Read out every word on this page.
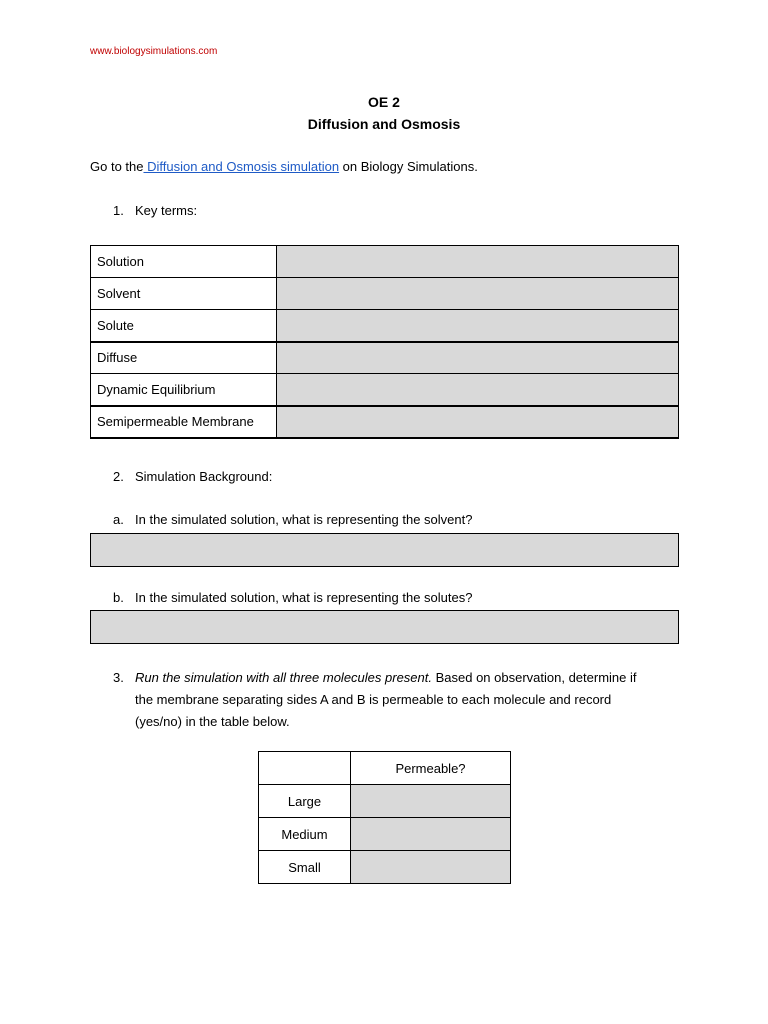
www.biologysimulations.com
OE 2
Diffusion and Osmosis
Go to the Diffusion and Osmosis simulation on Biology Simulations.
1. Key terms:
Solution	
Solvent	
Solute	
Diffuse	
Dynamic Equilibrium	
Semipermeable Membrane	
2. Simulation Background:
a. In the simulated solution, what is representing the solvent?
b. In the simulated solution, what is representing the solutes?
3. Run the simulation with all three molecules present. Based on observation, determine if
the membrane separating sides A and B is permeable to each molecule and record
(yes/no) in the table below.
	Permeable?
Large	
Medium	
Small	
